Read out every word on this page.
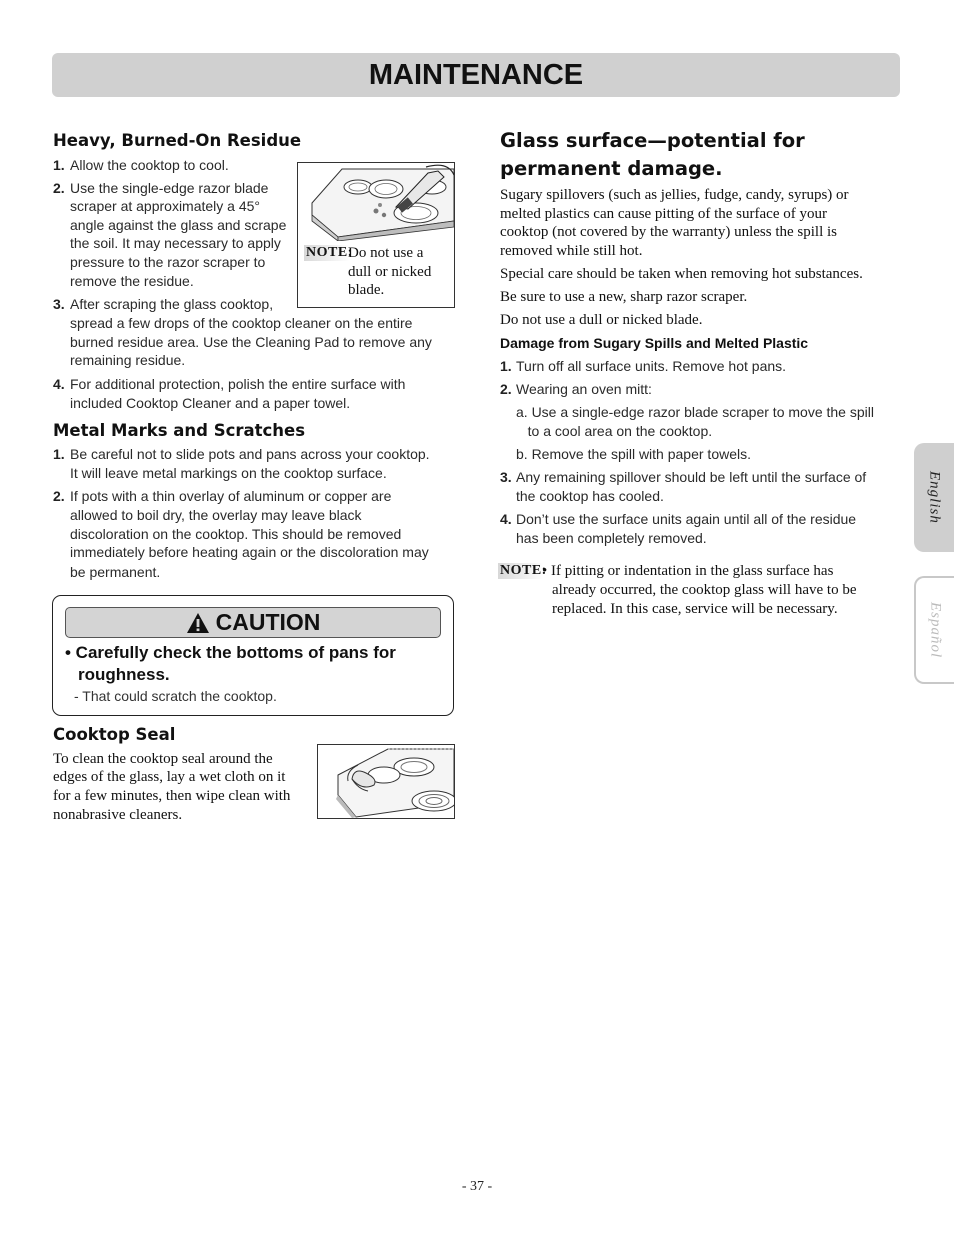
MAINTENANCE
Heavy, Burned-On Residue
1. Allow the cooktop to cool.
2. Use the single-edge razor blade
scraper at approximately a 45°
angle against the glass and scrape
the soil. It may necessary to apply
pressure to the razor scraper to
remove the residue.
NOTE:
Do not use a
dull or nicked
blade.
3. After scraping the glass cooktop,
spread a few drops of the cooktop cleaner on the entire
burned residue area. Use the Cleaning Pad to remove any
remaining residue.
4. For additional protection, polish the entire surface with
included Cooktop Cleaner and a paper towel.
Metal Marks and Scratches
1. Be careful not to slide pots and pans across your cooktop.
It will leave metal markings on the cooktop surface.
2. If pots with a thin overlay of aluminum or copper are
allowed to boil dry, the overlay may leave black
discoloration on the cooktop. This should be removed
immediately before heating again or the discoloration may
be permanent.
CAUTION
• Carefully check the bottoms of pans for
roughness.
- That could scratch the cooktop.
Cooktop Seal
To clean the cooktop seal around the
edges of the glass, lay a wet cloth on it
for a few minutes, then wipe clean with
nonabrasive cleaners.
Glass surface—potential for
permanent damage.
Sugary spillovers (such as jellies, fudge, candy, syrups) or
melted plastics can cause pitting of the surface of your
cooktop (not covered by the warranty) unless the spill is
removed while still hot.
Special care should be taken when removing hot substances.
Be sure to use a new, sharp razor scraper.
Do not use a dull or nicked blade.
Damage from Sugary Spills and Melted Plastic
1. Turn off all surface units. Remove hot pans.
2. Wearing an oven mitt:
a. Use a single-edge razor blade scraper to move the spill
to a cool area on the cooktop.
b. Remove the spill with paper towels.
3. Any remaining spillover should be left until the surface of
the cooktop has cooled.
4. Don’t use the surface units again until all of the residue
has been completely removed.
NOTE:
• If pitting or indentation in the glass surface has
already occurred, the cooktop glass will have to be
replaced. In this case, service will be necessary.
English
Español
- 37 -
